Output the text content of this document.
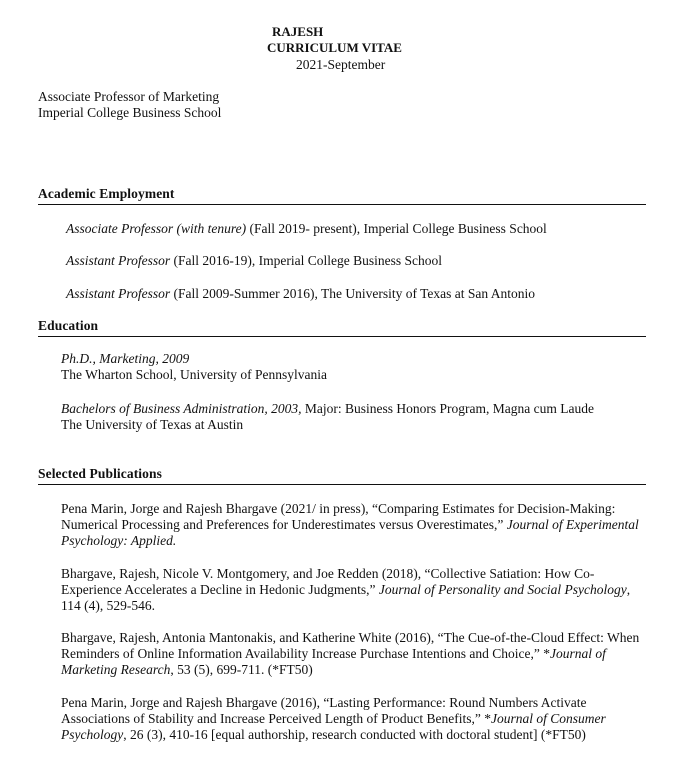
RAJESH
CURRICULUM VITAE
2021-September
Associate Professor of Marketing
Imperial College Business School
Academic Employment
Associate Professor (with tenure) (Fall 2019- present), Imperial College Business School
Assistant Professor (Fall 2016-19), Imperial College Business School
Assistant Professor (Fall 2009-Summer 2016), The University of Texas at San Antonio
Education
Ph.D., Marketing, 2009
The Wharton School, University of Pennsylvania
Bachelors of Business Administration, 2003, Major: Business Honors Program, Magna cum Laude
The University of Texas at Austin
Selected Publications

Pena Marin, Jorge and Rajesh Bhargave (2021/ in press), “Comparing Estimates for Decision-Making: Numerical Processing and Preferences for Underestimates versus Overestimates,” Journal of Experimental Psychology: Applied.

Bhargave, Rajesh, Nicole V. Montgomery, and Joe Redden (2018), “Collective Satiation: How Co-Experience Accelerates a Decline in Hedonic Judgments,” Journal of Personality and Social Psychology, 114 (4), 529-546.

Bhargave, Rajesh, Antonia Mantonakis, and Katherine White (2016), “The Cue-of-the-Cloud Effect: When Reminders of Online Information Availability Increase Purchase Intentions and Choice,” *Journal of Marketing Research, 53 (5), 699-711. (*FT50)

Pena Marin, Jorge and Rajesh Bhargave (2016), “Lasting Performance: Round Numbers Activate Associations of Stability and Increase Perceived Length of Product Benefits,” *Journal of Consumer Psychology, 26 (3), 410-16 [equal authorship, research conducted with doctoral student] (*FT50)
